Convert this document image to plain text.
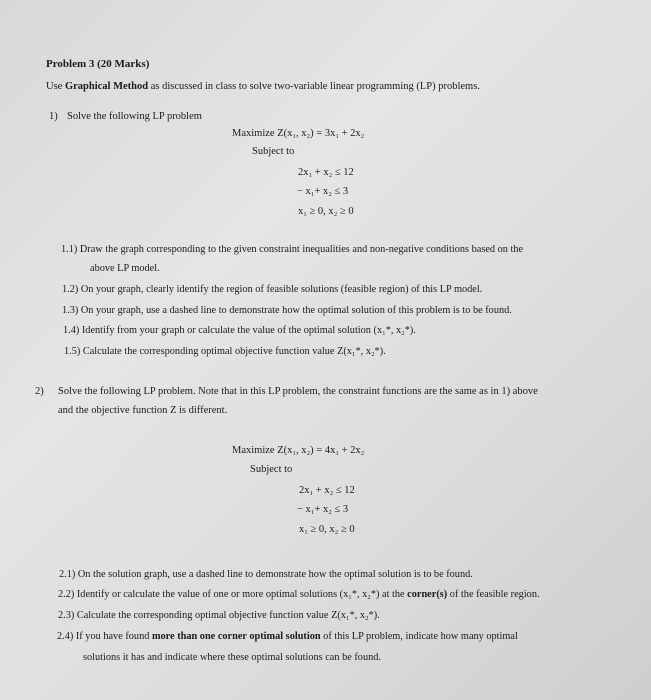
Problem 3 (20 Marks)
Use Graphical Method as discussed in class to solve two-variable linear programming (LP) problems.
1) Solve the following LP problem
Maximize Z(x₁, x₂) = 3x₁ + 2x₂
Subject to
2x₁ + x₂ ≤ 12
− x₁+ x₂ ≤ 3
x₁ ≥ 0, x₂ ≥ 0
1.1) Draw the graph corresponding to the given constraint inequalities and non-negative conditions based on the
above LP model.
1.2) On your graph, clearly identify the region of feasible solutions (feasible region) of this LP model.
1.3) On your graph, use a dashed line to demonstrate how the optimal solution of this problem is to be found.
1.4) Identify from your graph or calculate the value of the optimal solution (x₁*, x₂*).
1.5) Calculate the corresponding optimal objective function value Z(x₁*, x₂*).
2) Solve the following LP problem. Note that in this LP problem, the constraint functions are the same as in 1) above
and the objective function Z is different.
Maximize Z(x₁, x₂) = 4x₁ + 2x₂
Subject to
2x₁ + x₂ ≤ 12
− x₁+ x₂ ≤ 3
x₁ ≥ 0, x₂ ≥ 0
2.1) On the solution graph, use a dashed line to demonstrate how the optimal solution is to be found.
2.2) Identify or calculate the value of one or more optimal solutions (x₁*, x₂*) at the corner(s) of the feasible region.
2.3) Calculate the corresponding optimal objective function value Z(x₁*, x₂*).
2.4) If you have found more than one corner optimal solution of this LP problem, indicate how many optimal
solutions it has and indicate where these optimal solutions can be found.
